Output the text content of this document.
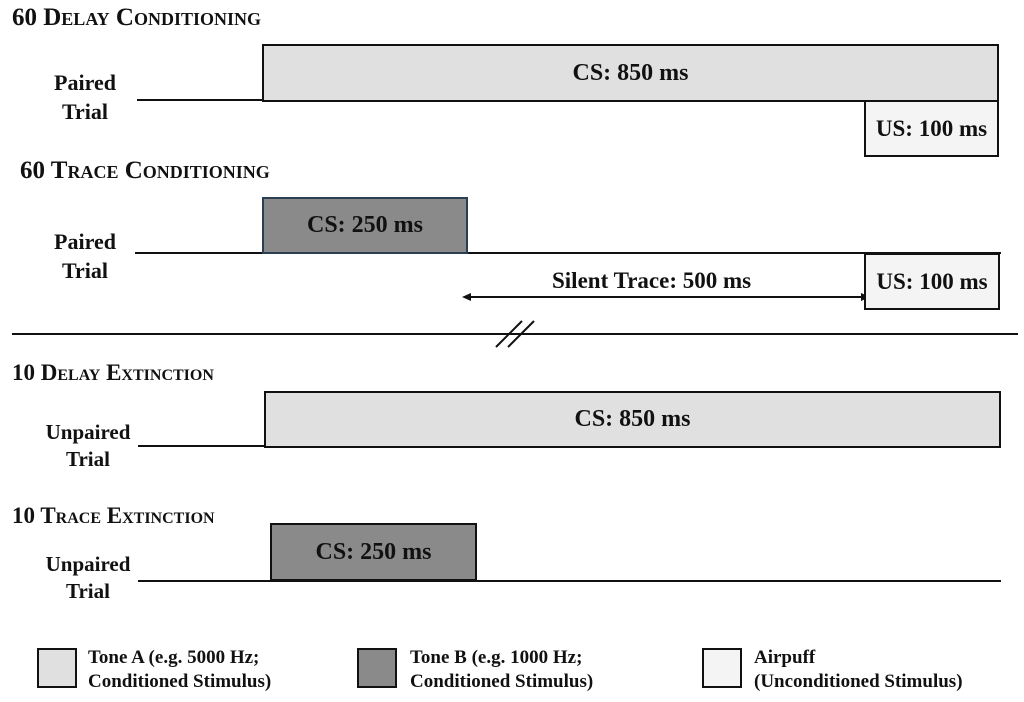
60 Delay Conditioning
Paired
Trial
CS: 850 ms
US: 100 ms
60 Trace Conditioning
Paired
Trial
CS: 250 ms
Silent Trace: 500 ms	US: 100 ms
10 Delay Extinction
Unpaired
Trial
CS: 850 ms
10 Trace Extinction
Unpaired
Trial
CS: 250 ms
Tone A (e.g. 5000 Hz;
Conditioned Stimulus)
Tone B (e.g. 1000 Hz;
Conditioned Stimulus)
Airpuff
(Unconditioned Stimulus)
